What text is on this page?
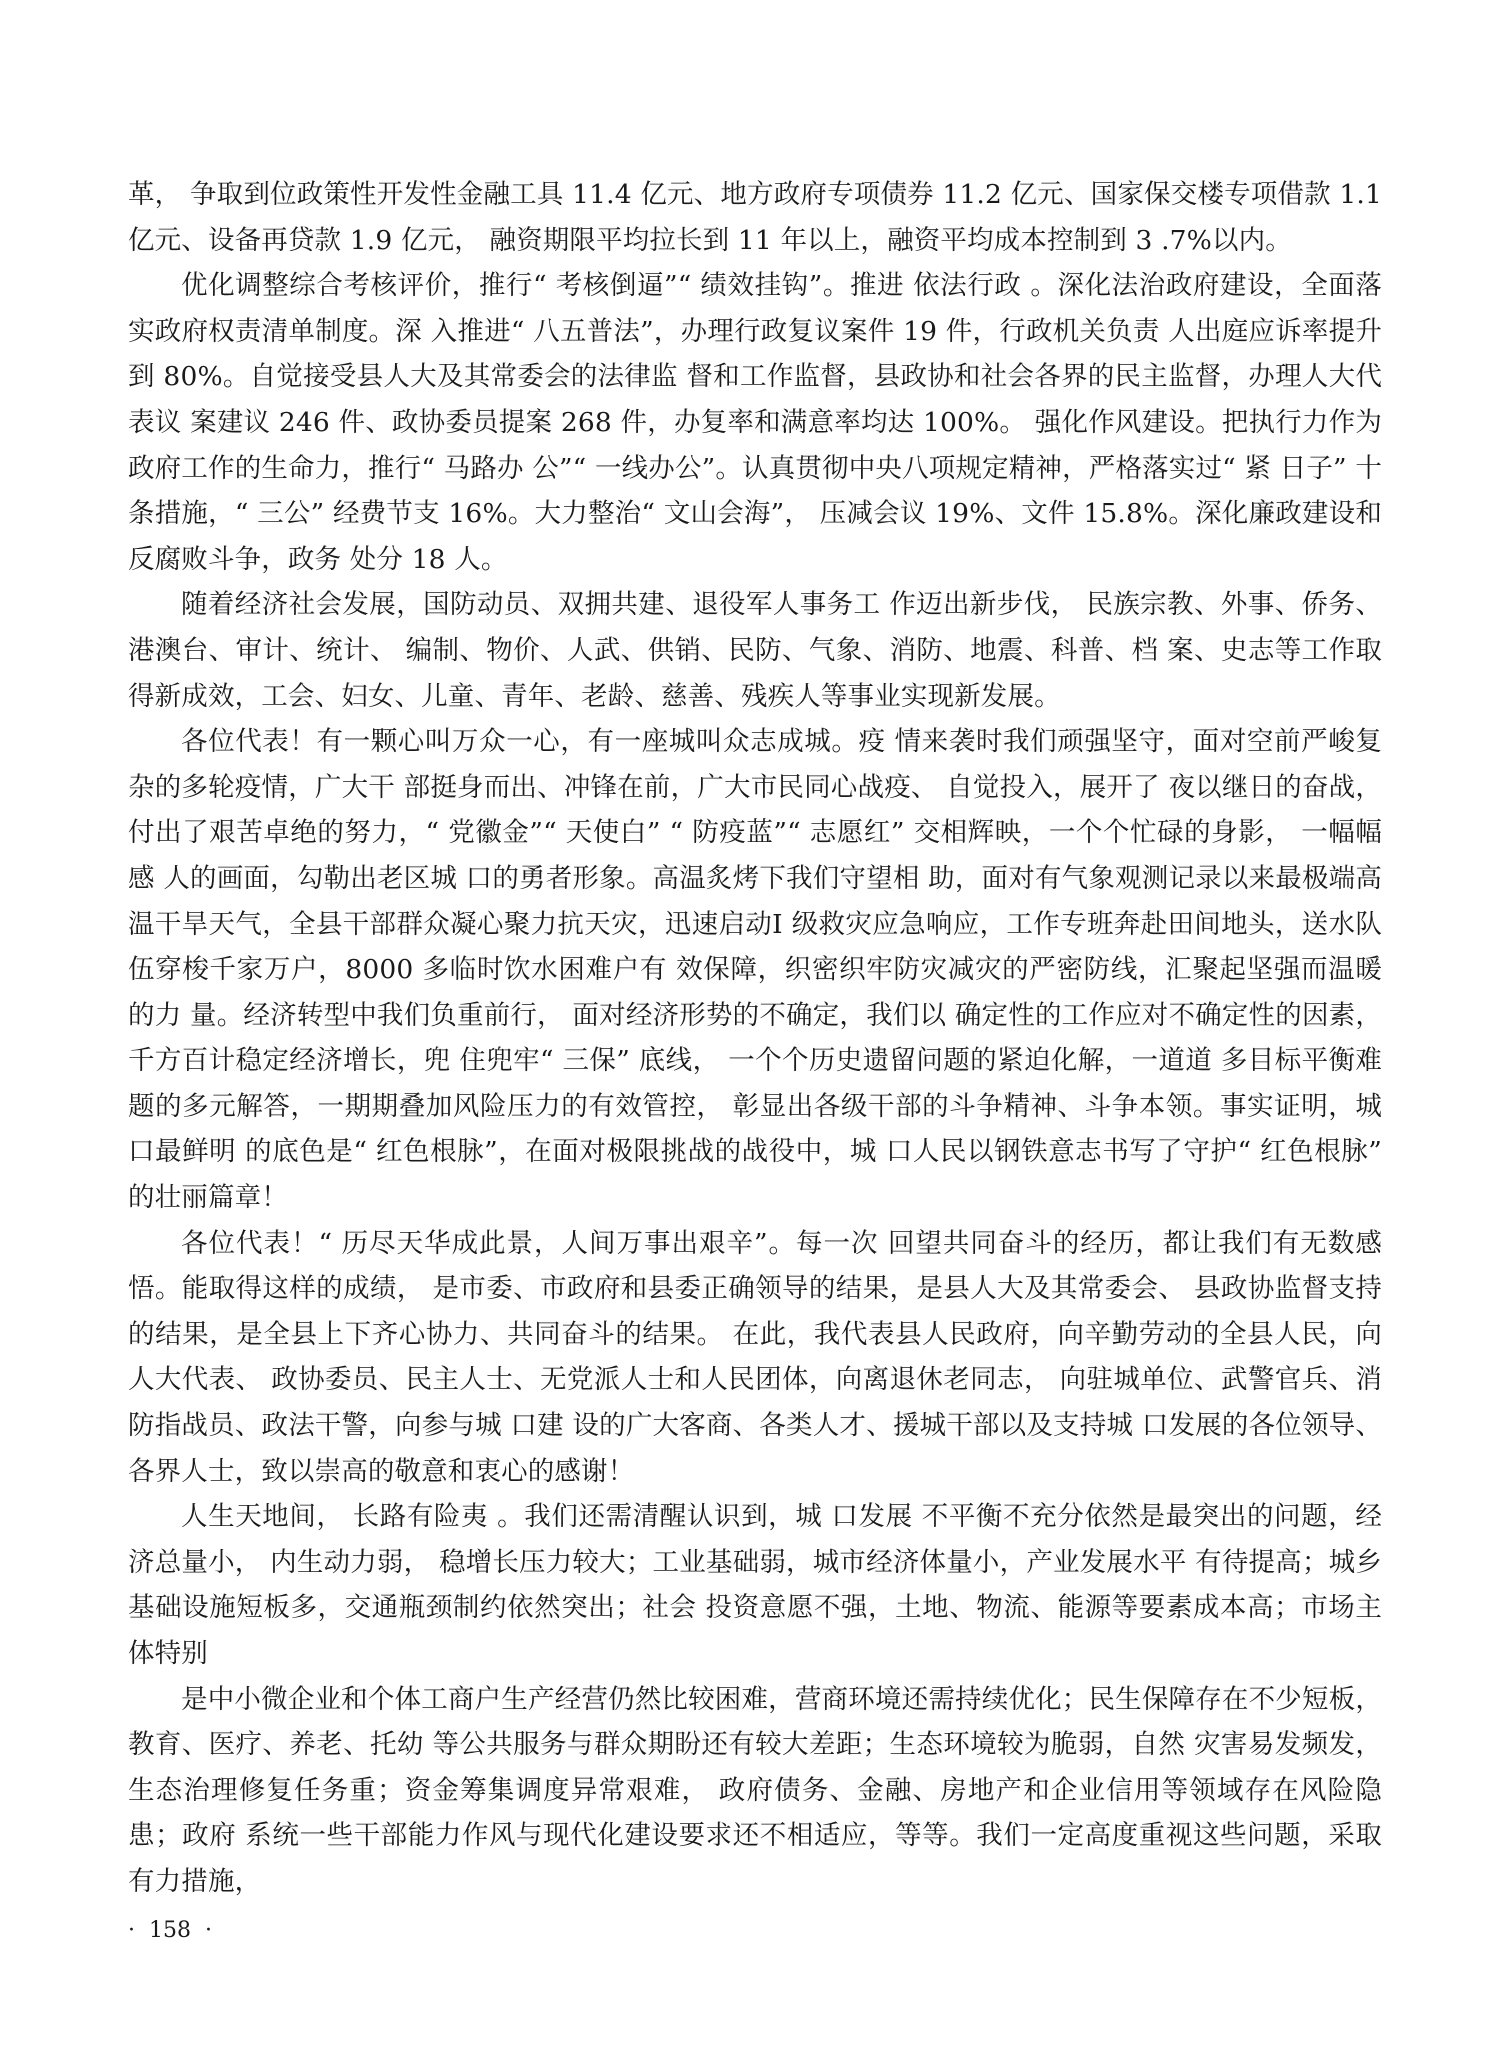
革， 争取到位政策性开发性金融工具 11.4 亿元、地方政府专项债券 11.2 亿元、国家保交楼专项借款 1.1 亿元、设备再贷款 1.9 亿元， 融资期限平均拉长到 11 年以上，融资平均成本控制到 3 .7%以内。

优化调整综合考核评价，推行“ 考核倒逼”“ 绩效挂钩”。推进 依法行政 。深化法治政府建设，全面落实政府权责清单制度。深 入推进“ 八五普法”，办理行政复议案件 19 件，行政机关负责 人出庭应诉率提升到 80%。自觉接受县人大及其常委会的法律监 督和工作监督，县政协和社会各界的民主监督，办理人大代表议 案建议 246 件、政协委员提案 268 件，办复率和满意率均达 100%。 强化作风建设。把执行力作为政府工作的生命力，推行“ 马路办 公”“ 一线办公”。认真贯彻中央八项规定精神，严格落实过“ 紧 日子” 十条措施，“ 三公” 经费节支 16%。大力整治“ 文山会海”， 压减会议 19%、文件 15.8%。深化廉政建设和反腐败斗争，政务 处分 18 人。

随着经济社会发展，国防动员、双拥共建、退役军人事务工 作迈出新步伐， 民族宗教、外事、侨务、港澳台、审计、统计、 编制、物价、人武、供销、民防、气象、消防、地震、科普、档 案、史志等工作取得新成效，工会、妇女、儿童、青年、老龄、慈善、残疾人等事业实现新发展。

各位代表！有一颗心叫万众一心，有一座城叫众志成城。疫 情来袭时我们顽强坚守，面对空前严峻复杂的多轮疫情，广大干 部挺身而出、冲锋在前，广大市民同心战疫、 自觉投入，展开了 夜以继日的奋战，付出了艰苦卓绝的努力，“ 党徽金”“ 天使白” “ 防疫蓝”“ 志愿红” 交相辉映，一个个忙碌的身影， 一幅幅感 人的画面，勾勒出老区城 口的勇者形象。高温炙烤下我们守望相 助，面对有气象观测记录以来最极端高温干旱天气，全县干部群众凝心聚力抗天灾，迅速启动Ⅰ 级救灾应急响应，工作专班奔赴田间地头，送水队伍穿梭千家万户，8000 多临时饮水困难户有 效保障，织密织牢防灾减灾的严密防线，汇聚起坚强而温暖的力 量。经济转型中我们负重前行， 面对经济形势的不确定，我们以 确定性的工作应对不确定性的因素，千方百计稳定经济增长，兜 住兜牢“ 三保” 底线， 一个个历史遗留问题的紧迫化解，一道道 多目标平衡难题的多元解答，一期期叠加风险压力的有效管控， 彰显出各级干部的斗争精神、斗争本领。事实证明，城 口最鲜明 的底色是“ 红色根脉”，在面对极限挑战的战役中，城 口人民以钢铁意志书写了守护“ 红色根脉” 的壮丽篇章！

各位代表！“ 历尽天华成此景，人间万事出艰辛”。每一次 回望共同奋斗的经历，都让我们有无数感悟。能取得这样的成绩， 是市委、市政府和县委正确领导的结果，是县人大及其常委会、 县政协监督支持的结果，是全县上下齐心协力、共同奋斗的结果。 在此，我代表县人民政府，向辛勤劳动的全县人民，向人大代表、 政协委员、民主人士、无党派人士和人民团体，向离退休老同志， 向驻城单位、武警官兵、消防指战员、政法干警，向参与城 口建 设的广大客商、各类人才、援城干部以及支持城 口发展的各位领导、各界人士，致以崇高的敬意和衷心的感谢！

人生天地间， 长路有险夷 。我们还需清醒认识到，城 口发展 不平衡不充分依然是最突出的问题，经济总量小， 内生动力弱， 稳增长压力较大；工业基础弱，城市经济体量小，产业发展水平 有待提高；城乡基础设施短板多，交通瓶颈制约依然突出；社会 投资意愿不强，土地、物流、能源等要素成本高；市场主体特别

是中小微企业和个体工商户生产经营仍然比较困难，营商环境还需持续优化；民生保障存在不少短板，教育、医疗、养老、托幼 等公共服务与群众期盼还有较大差距；生态环境较为脆弱，自然 灾害易发频发，生态治理修复任务重；资金筹集调度异常艰难， 政府债务、金融、房地产和企业信用等领域存在风险隐患；政府 系统一些干部能力作风与现代化建设要求还不相适应，等等。我们一定高度重视这些问题，采取有力措施，

· 158 ·
